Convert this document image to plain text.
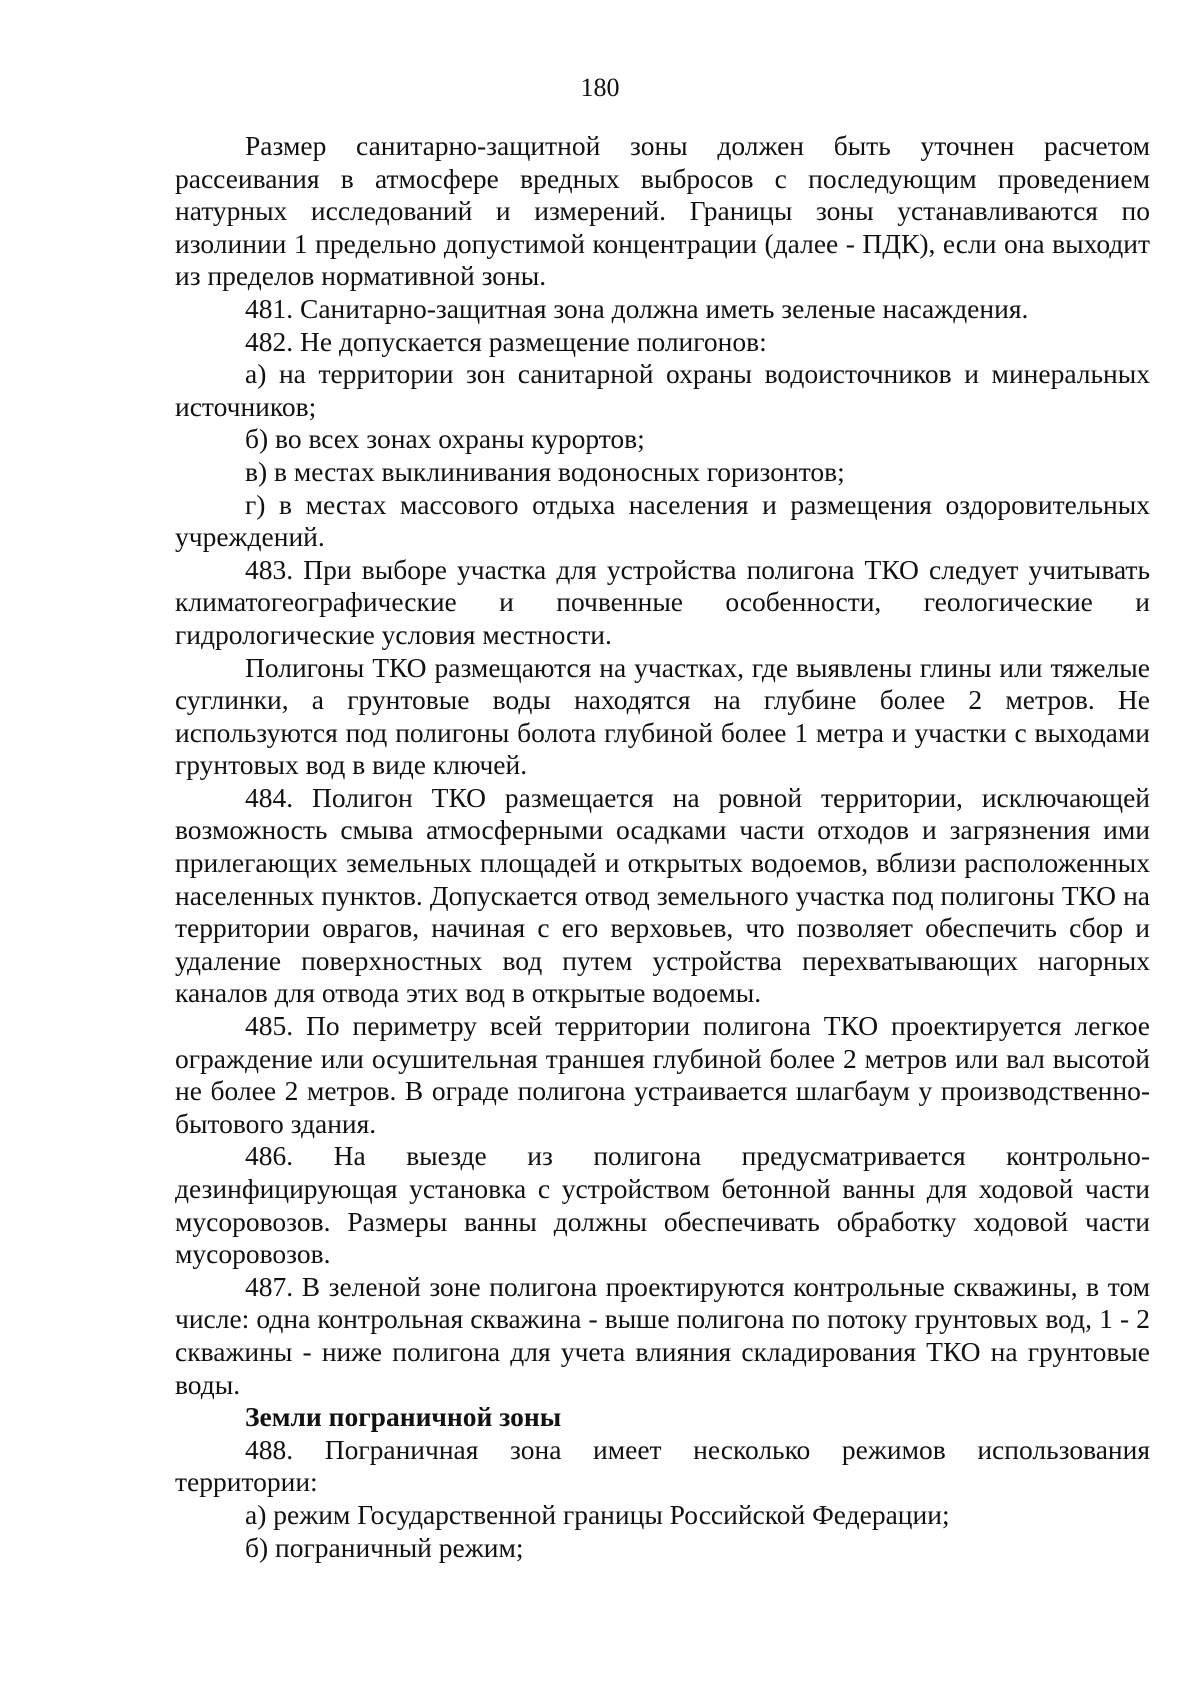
180

Размер санитарно-защитной зоны должен быть уточнен расчетом рассеивания в атмосфере вредных выбросов с последующим проведением натурных исследований и измерений. Границы зоны устанавливаются по изолинии 1 предельно допустимой концентрации (далее - ПДК), если она выходит из пределов нормативной зоны.

481. Санитарно-защитная зона должна иметь зеленые насаждения.

482. Не допускается размещение полигонов:

а) на территории зон санитарной охраны водоисточников и минеральных источников;

б) во всех зонах охраны курортов;

в) в местах выклинивания водоносных горизонтов;

г) в местах массового отдыха населения и размещения оздоровительных учреждений.

483. При выборе участка для устройства полигона ТКО следует учитывать климатогеографические и почвенные особенности, геологические и гидрологические условия местности.

Полигоны ТКО размещаются на участках, где выявлены глины или тяжелые суглинки, а грунтовые воды находятся на глубине более 2 метров. Не используются под полигоны болота глубиной более 1 метра и участки с выходами грунтовых вод в виде ключей.

484. Полигон ТКО размещается на ровной территории, исключающей возможность смыва атмосферными осадками части отходов и загрязнения ими прилегающих земельных площадей и открытых водоемов, вблизи расположенных населенных пунктов. Допускается отвод земельного участка под полигоны ТКО на территории оврагов, начиная с его верховьев, что позволяет обеспечить сбор и удаление поверхностных вод путем устройства перехватывающих нагорных каналов для отвода этих вод в открытые водоемы.

485. По периметру всей территории полигона ТКО проектируется легкое ограждение или осушительная траншея глубиной более 2 метров или вал высотой не более 2 метров. В ограде полигона устраивается шлагбаум у производственно-бытового здания.

486. На выезде из полигона предусматривается контрольно-дезинфицирующая установка с устройством бетонной ванны для ходовой части мусоровозов. Размеры ванны должны обеспечивать обработку ходовой части мусоровозов.

487. В зеленой зоне полигона проектируются контрольные скважины, в том числе: одна контрольная скважина - выше полигона по потоку грунтовых вод, 1 - 2 скважины - ниже полигона для учета влияния складирования ТКО на грунтовые воды.

Земли пограничной зоны

488. Пограничная зона имеет несколько режимов использования территории:

а) режим Государственной границы Российской Федерации;

б) пограничный режим;
